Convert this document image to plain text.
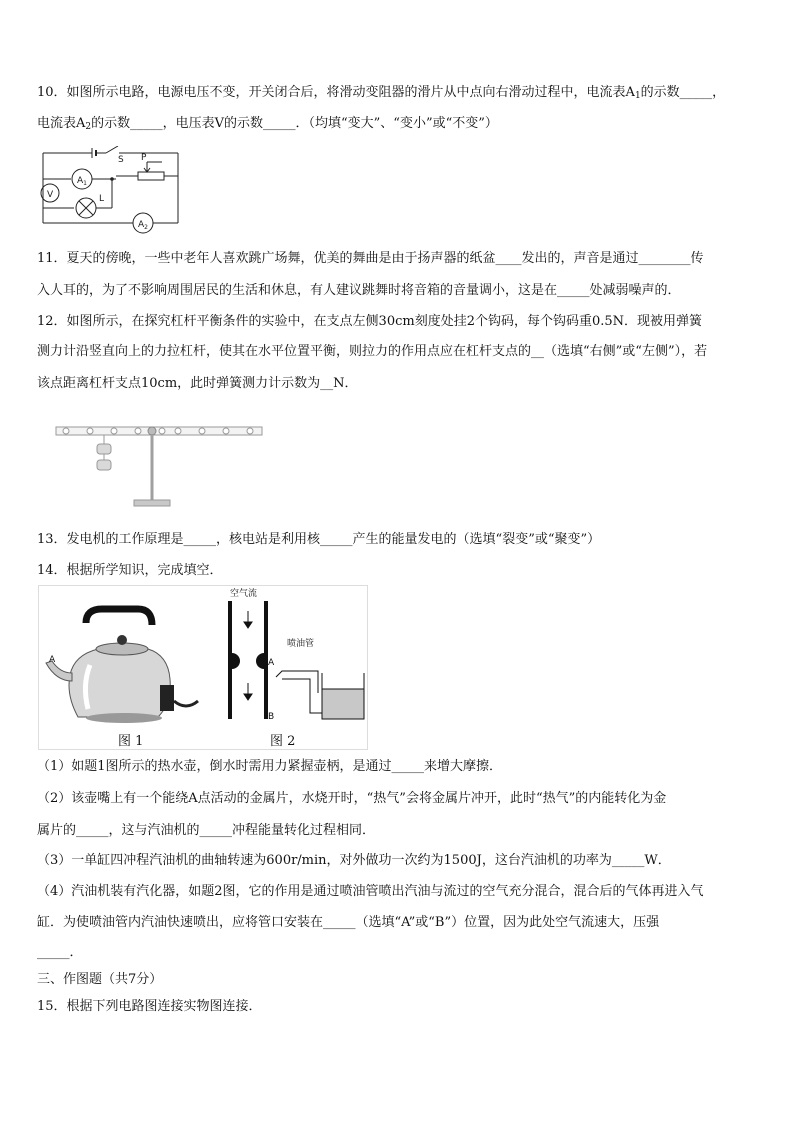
10．如图所示电路，电源电压不变，开关闭合后，将滑动变阻器的滑片从中点向右滑动过程中，电流表$A_1$的示数_____，
电流表$A_2$的示数_____，电压表V的示数_____．（均填“变大”、“变小”或“不变”）
S P
$A_1$
V	L
$A_2$
11．夏天的傍晚，一些中老年人喜欢跳广场舞，优美的舞曲是由于扬声器的纸盆____发出的，声音是通过________传
入人耳的，为了不影响周围居民的生活和休息，有人建议跳舞时将音箱的音量调小，这是在_____处减弱噪声的．
12．如图所示，在探究杠杆平衡条件的实验中，在支点左侧30cm刻度处挂2个钩码，每个钩码重0.5N．现被用弹簧
测力计沿竖直向上的力拉杠杆，使其在水平位置平衡，则拉力的作用点应在杠杆支点的__（选填“右侧”或“左侧”），若
该点距离杠杆支点10cm，此时弹簧测力计示数为__N．
13．发电机的工作原理是_____，核电站是利用核_____产生的能量发电的（选填“裂变”或“聚变”）
14．根据所学知识，完成填空．
A
图 1
空气流
A
B
喷油管
图 2
（1）如题1图所示的热水壶，倒水时需用力紧握壶柄，是通过_____来增大摩擦．
（2）该壶嘴上有一个能绕A点活动的金属片，水烧开时，“热气”会将金属片冲开，此时“热气”的内能转化为金
属片的_____，这与汽油机的_____冲程能量转化过程相同．
（3）一单缸四冲程汽油机的曲轴转速为600r/min，对外做功一次约为1500J，这台汽油机的功率为_____W．
（4）汽油机装有汽化器，如题2图，它的作用是通过喷油管喷出汽油与流过的空气充分混合，混合后的气体再进入气
缸．为使喷油管内汽油快速喷出，应将管口安装在_____（选填“A”或“B”）位置，因为此处空气流速大，压强
_____．
三、作图题（共7分）
15．根据下列电路图连接实物图连接．
